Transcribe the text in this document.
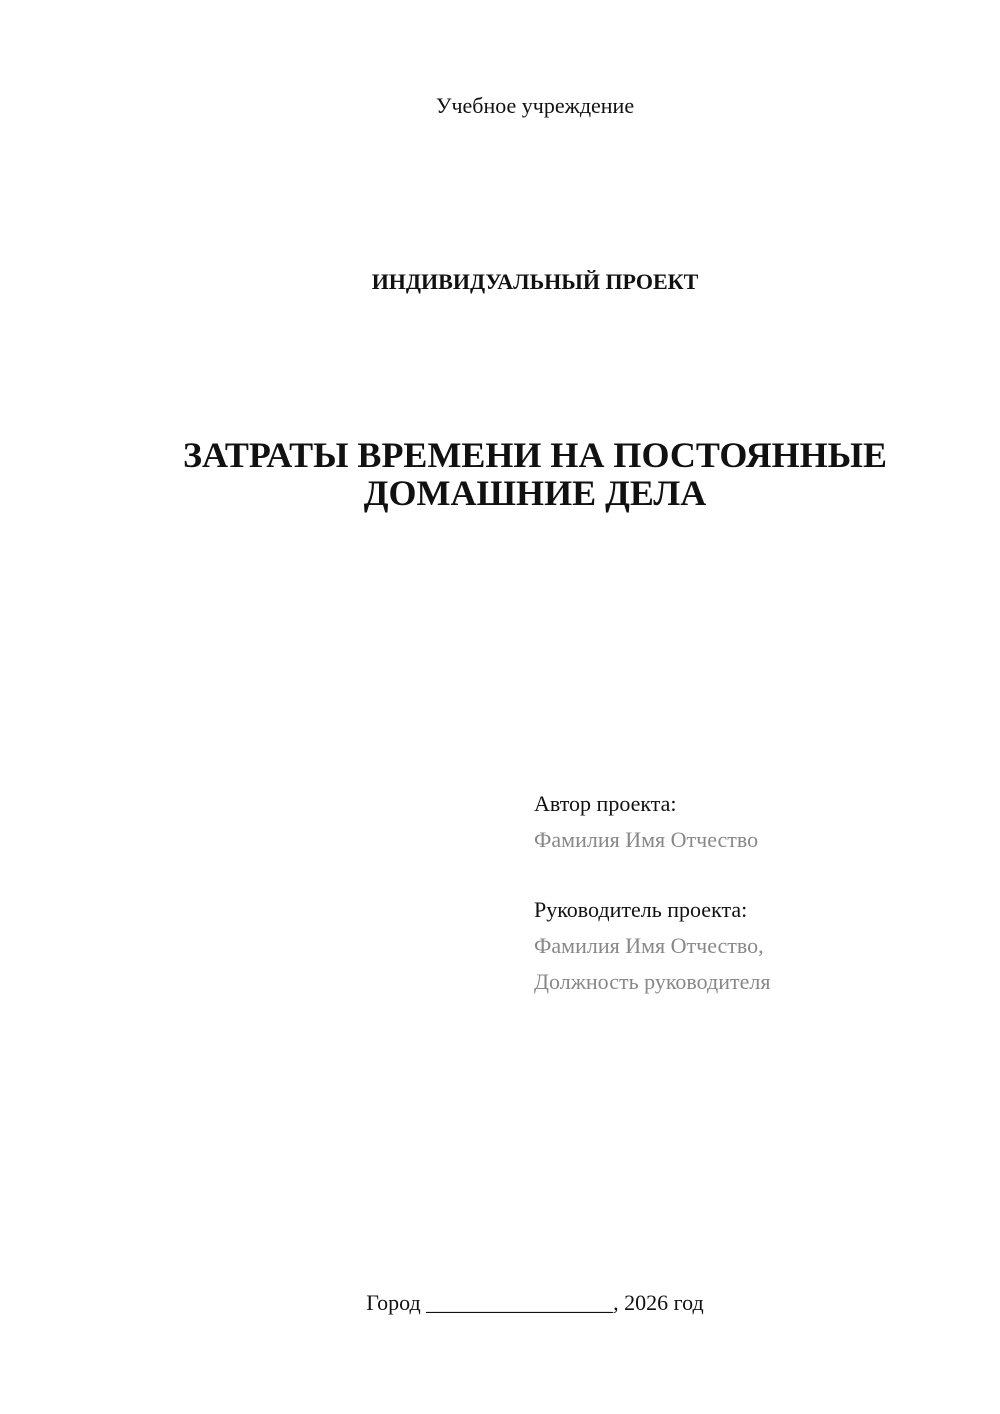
Учебное учреждение
ИНДИВИДУАЛЬНЫЙ ПРОЕКТ
ЗАТРАТЫ ВРЕМЕНИ НА ПОСТОЯННЫЕ
ДОМАШНИЕ ДЕЛА
Автор проекта:
Фамилия Имя Отчество
Руководитель проекта:
Фамилия Имя Отчество,
Должность руководителя
Город _________________, 2026 год
